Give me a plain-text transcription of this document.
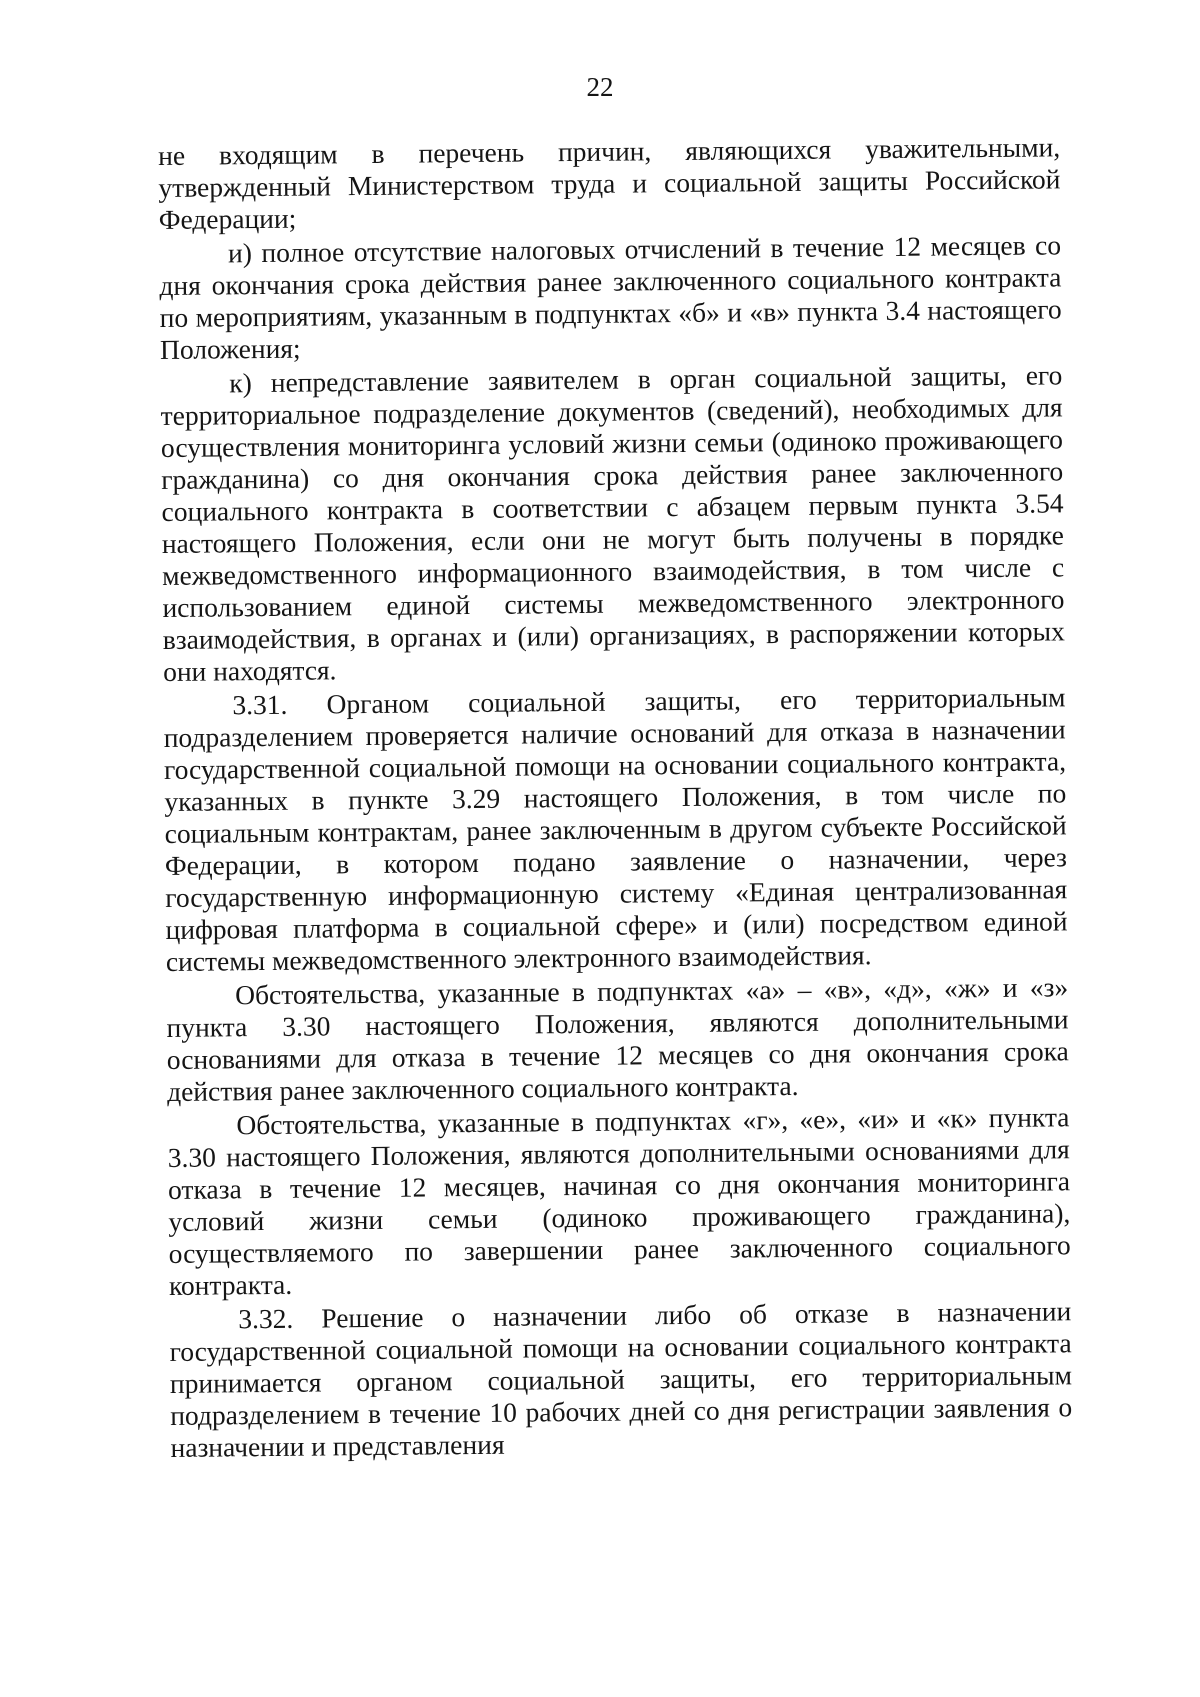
22

не входящим в перечень причин, являющихся уважительными, утвержденный Министерством труда и социальной защиты Российской Федерации;

и) полное отсутствие налоговых отчислений в течение 12 месяцев со дня окончания срока действия ранее заключенного социального контракта по мероприятиям, указанным в подпунктах «б» и «в» пункта 3.4 настоящего Положения;

к) непредставление заявителем в орган социальной защиты, его территориальное подразделение документов (сведений), необходимых для осуществления мониторинга условий жизни семьи (одиноко проживающего гражданина) со дня окончания срока действия ранее заключенного социального контракта в соответствии с абзацем первым пункта 3.54 настоящего Положения, если они не могут быть получены в порядке межведомственного информационного взаимодействия, в том числе с использованием единой системы межведомственного электронного взаимодействия, в органах и (или) организациях, в распоряжении которых они находятся.

3.31. Органом социальной защиты, его территориальным подразделением проверяется наличие оснований для отказа в назначении государственной социальной помощи на основании социального контракта, указанных в пункте 3.29 настоящего Положения, в том числе по социальным контрактам, ранее заключенным в другом субъекте Российской Федерации, в котором подано заявление о назначении, через государственную информационную систему «Единая централизованная цифровая платформа в социальной сфере» и (или) посредством единой системы межведомственного электронного взаимодействия.

Обстоятельства, указанные в подпунктах «а» – «в», «д», «ж» и «з» пункта 3.30 настоящего Положения, являются дополнительными основаниями для отказа в течение 12 месяцев со дня окончания срока действия ранее заключенного социального контракта.

Обстоятельства, указанные в подпунктах «г», «е», «и» и «к» пункта 3.30 настоящего Положения, являются дополнительными основаниями для отказа в течение 12 месяцев, начиная со дня окончания мониторинга условий жизни семьи (одиноко проживающего гражданина), осуществляемого по завершении ранее заключенного социального контракта.

3.32. Решение о назначении либо об отказе в назначении государственной социальной помощи на основании социального контракта принимается органом социальной защиты, его территориальным подразделением в течение 10 рабочих дней со дня регистрации заявления о назначении и представления
